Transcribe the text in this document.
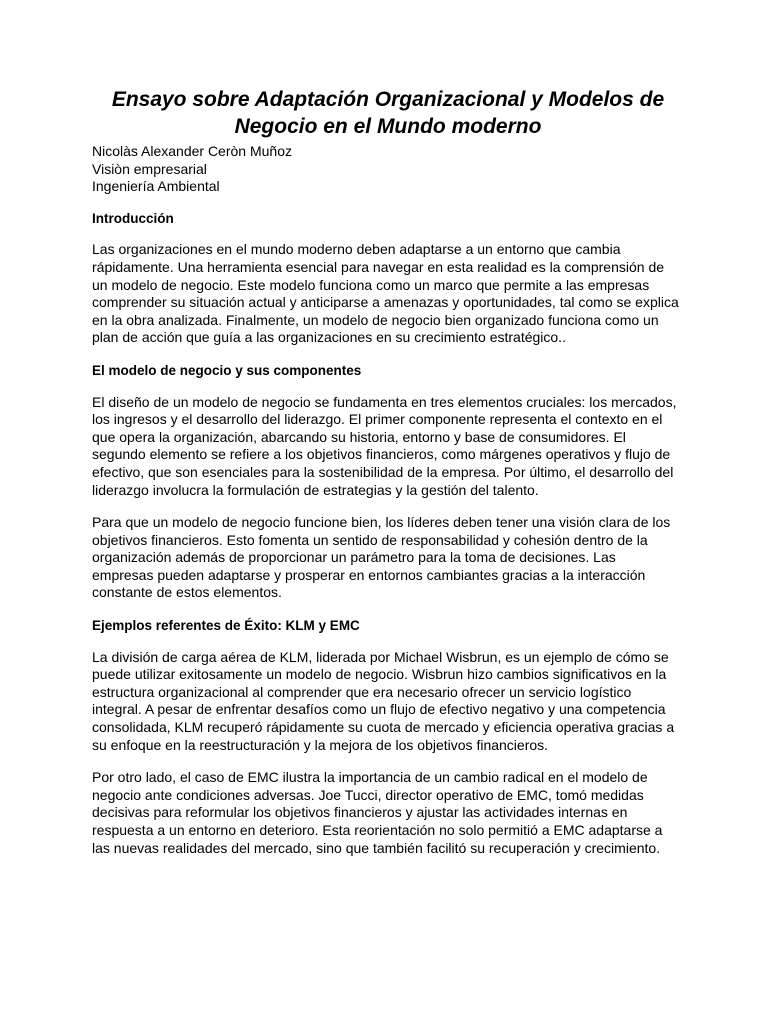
Ensayo sobre Adaptación Organizacional y Modelos de Negocio en el Mundo moderno

Nicolàs Alexander Ceròn Muñoz

Visiòn empresarial

Ingeniería Ambiental

Introducción

Las organizaciones en el mundo moderno deben adaptarse a un entorno que cambia rápidamente. Una herramienta esencial para navegar en esta realidad es la comprensión de un modelo de negocio. Este modelo funciona como un marco que permite a las empresas comprender su situación actual y anticiparse a amenazas y oportunidades, tal como se explica en la obra analizada. Finalmente, un modelo de negocio bien organizado funciona como un plan de acción que guía a las organizaciones en su crecimiento estratégico..

El modelo de negocio y sus componentes

El diseño de un modelo de negocio se fundamenta en tres elementos cruciales: los mercados, los ingresos y el desarrollo del liderazgo. El primer componente representa el contexto en el que opera la organización, abarcando su historia, entorno y base de consumidores. El segundo elemento se refiere a los objetivos financieros, como márgenes operativos y flujo de efectivo, que son esenciales para la sostenibilidad de la empresa. Por último, el desarrollo del liderazgo involucra la formulación de estrategias y la gestión del talento.

Para que un modelo de negocio funcione bien, los líderes deben tener una visión clara de los objetivos financieros. Esto fomenta un sentido de responsabilidad y cohesión dentro de la organización además de proporcionar un parámetro para la toma de decisiones. Las empresas pueden adaptarse y prosperar en entornos cambiantes gracias a la interacción constante de estos elementos.

Ejemplos referentes de Éxito: KLM y EMC

La división de carga aérea de KLM, liderada por Michael Wisbrun, es un ejemplo de cómo se puede utilizar exitosamente un modelo de negocio. Wisbrun hizo cambios significativos en la estructura organizacional al comprender que era necesario ofrecer un servicio logístico integral. A pesar de enfrentar desafíos como un flujo de efectivo negativo y una competencia consolidada, KLM recuperó rápidamente su cuota de mercado y eficiencia operativa gracias a su enfoque en la reestructuración y la mejora de los objetivos financieros.

Por otro lado, el caso de EMC ilustra la importancia de un cambio radical en el modelo de negocio ante condiciones adversas. Joe Tucci, director operativo de EMC, tomó medidas decisivas para reformular los objetivos financieros y ajustar las actividades internas en respuesta a un entorno en deterioro. Esta reorientación no solo permitió a EMC adaptarse a las nuevas realidades del mercado, sino que también facilitó su recuperación y crecimiento.
